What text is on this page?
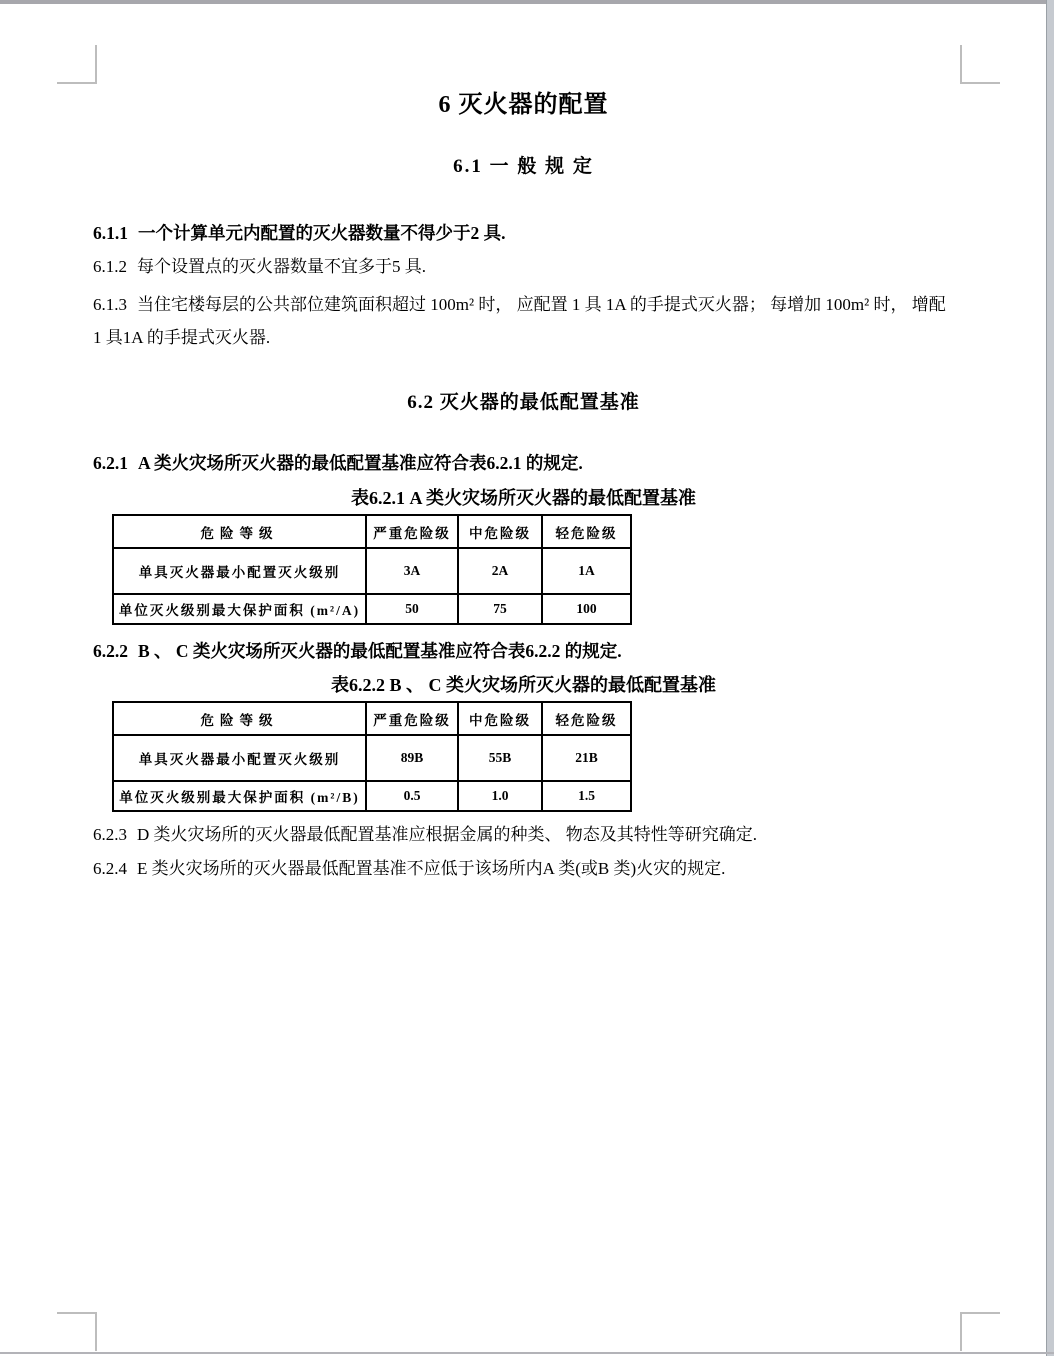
6 灭火器的配置
6.1 一 般 规 定
6.1.1 一个计算单元内配置的灭火器数量不得少于2 具.
6.1.2 每个设置点的灭火器数量不宜多于5 具.
6.1.3 当住宅楼每层的公共部位建筑面积超过 100m² 时， 应配置 1 具 1A 的手提式灭火器； 每增加 100m² 时， 增配1 具1A 的手提式灭火器.
6.2 灭火器的最低配置基准
6.2.1 A 类火灾场所灭火器的最低配置基准应符合表6.2.1 的规定.
表6.2.1 A 类火灾场所灭火器的最低配置基准
危险等级	严重危险级	中危险级	轻危险级
单具灭火器最小配置灭火级别	3A	2A	1A
单位灭火级别最大保护面积 (m²/A)	50	75	100
6.2.2 B 、 C 类火灾场所灭火器的最低配置基准应符合表6.2.2 的规定.
表6.2.2 B 、 C 类火灾场所灭火器的最低配置基准
危险等级	严重危险级	中危险级	轻危险级
单具灭火器最小配置灭火级别	89B	55B	21B
单位灭火级别最大保护面积 (m²/B)	0.5	1.0	1.5
6.2.3 D 类火灾场所的灭火器最低配置基准应根据金属的种类、 物态及其特性等研究确定.
6.2.4 E 类火灾场所的灭火器最低配置基准不应低于该场所内A 类(或B 类)火灾的规定.
